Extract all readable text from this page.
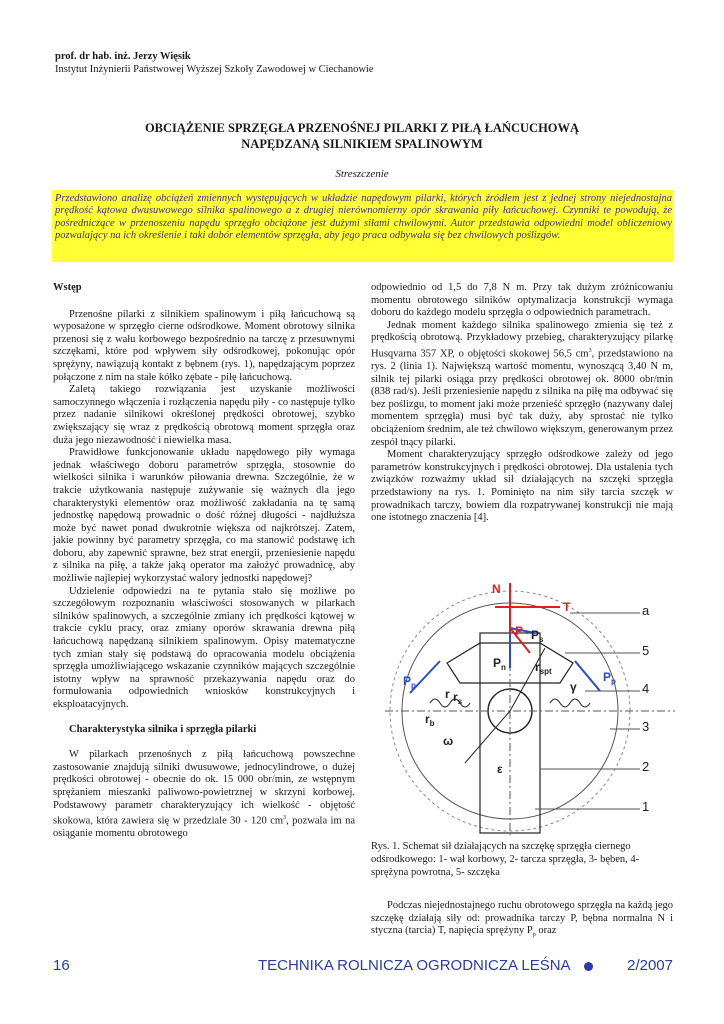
prof. dr hab. inż. Jerzy Więsik
Instytut Inżynierii Państwowej Wyższej Szkoły Zawodowej w Ciechanowie
OBCIĄŻENIE SPRZĘGŁA PRZENOŚNEJ PILARKI Z PIŁĄ ŁAŃCUCHOWĄ
NAPĘDZANĄ SILNIKIEM SPALINOWYM
Streszczenie
Przedstawiono analizę obciążeń zmiennych występujących w układzie napędowym pilarki, których źródłem jest z jednej strony niejednostajna prędkość kątowa dwusuwowego silnika spalinowego a z drugiej nierównomierny opór skrawania piły łańcuchowej. Czynniki te powodują, że pośredniczące w przenoszeniu napędu sprzęgło obciążone jest dużymi siłami chwilowymi. Autor przedstawia odpowiedni model obliczeniowy pozwalający na ich określenie i taki dobór elementów sprzęgła, aby jego praca odbywała się bez chwilowych poślizgów.
Wstęp

Przenośne pilarki z silnikiem spalinowym i piłą łańcuchową są wyposażone w sprzęgło cierne odśrodkowe. Moment obrotowy silnika przenosi się z wału korbowego bezpośrednio na tarczę z przesuwnymi szczękami, które pod wpływem siły odśrodkowej, pokonując opór sprężyny, nawiązują kontakt z bębnem (rys. 1), napędzającym poprzez połączone z nim na stałe kółko zębate - piłę łańcuchową.

Zaletą takiego rozwiązania jest uzyskanie możliwości samoczynnego włączenia i rozłączenia napędu piły - co następuje tylko przez nadanie silnikowi określonej prędkości obrotowej, szybko zwiększający się wraz z prędkością obrotową moment sprzęgła oraz duża jego niezawodność i niewielka masa.

Prawidłowe funkcjonowanie układu napędowego piły wymaga jednak właściwego doboru parametrów sprzęgła, stosownie do wielkości silnika i warunków piłowania drewna. Szczególnie, że w trakcie użytkowania następuje zużywanie się ważnych dla jego charakterystyki elementów oraz możliwość zakładania na tę samą jednostkę napędową prowadnic o dość różnej długości - najdłuższa może być nawet ponad dwukrotnie większa od najkrótszej. Zatem, jakie powinny być parametry sprzęgła, co ma stanowić podstawę ich doboru, aby zapewnić sprawne, bez strat energii, przeniesienie napędu z silnika na piłę, a także jaką operator ma założyć prowadnicę, aby możliwie najlepiej wykorzystać walory jednostki napędowej?

Udzielenie odpowiedzi na te pytania stało się możliwe po szczegółowym rozpoznaniu właściwości stosowanych w pilarkach silników spalinowych, a szczególnie zmiany ich prędkości kątowej w trakcie cyklu pracy, oraz zmiany oporów skrawania drewna piłą łańcuchową napędzaną silnikiem spalinowym. Opisy matematyczne tych zmian stały się podstawą do opracowania modelu obciążenia sprzęgła umożliwiającego wskazanie czynników mających szczególnie istotny wpływ na sprawność przekazywania napędu oraz do formułowania odpowiednich wniosków konstrukcyjnych i eksploatacyjnych.

Charakterystyka silnika i sprzęgła pilarki

W pilarkach przenośnych z piłą łańcuchową powszechne zastosowanie znajdują silniki dwusuwowe, jednocylindrowe, o dużej prędkości obrotowej - obecnie do ok. 15 000 obr/min, ze wstępnym sprężaniem mieszanki paliwowo-powietrznej w skrzyni korbowej. Podstawowy parametr charakteryzujący ich wielkość - objętość skokowa, która zawiera się w przedziale 30 - 120 $cm^3$, pozwala im na osiąganie momentu obrotowego

odpowiednio od 1,5 do 7,8 N m. Przy tak dużym zróżnicowaniu momentu obrotowego silników optymalizacja konstrukcji wymaga doboru do każdego modelu sprzęgła o odpowiednich parametrach.

Jednak moment każdego silnika spalinowego zmienia się też z prędkością obrotową. Przykładowy przebieg, charakteryzujący pilarkę Husqvarna 357 XP, o objętości skokowej 56,5 $cm^3$, przedstawiono na rys. 2 (linia 1). Największą wartość momentu, wynoszącą 3,40 N m, silnik tej pilarki osiąga przy prędkości obrotowej ok. 8000 obr/min (838 rad/s). Jeśli przeniesienie napędu z silnika na piłę ma odbywać się bez poślizgu, to moment jaki może przenieść sprzęgło (nazywany dalej momentem sprzęgła) musi być tak duży, aby sprostać nie tylko obciążeniom średnim, ale też chwilowo większym, generowanym przez zespół tnący pilarki.

Moment charakteryzujący sprzęgło odśrodkowe zależy od jego parametrów konstrukcyjnych i prędkości obrotowej. Dla ustalenia tych związków rozważmy układ sił działających na szczęki sprzęgła przedstawiony na rys. 1. Pominięto na nim siły tarcia szczęk w prowadnikach tarczy, bowiem dla rozpatrywanej konstrukcji nie mają one istotnego znaczenia [4].

N
T
P $P_s$
$P_n$ $r_{spt}$
$P_p$
$P_p$
r $r_s$
$r_b$
ω
ε
γ
a
5
4
3
2
1
Rys. 1. Schemat sił działających na szczękę sprzęgła ciernego odśrodkowego: 1- wał korbowy, 2- tarcza sprzęgła, 3- bęben, 4- sprężyna powrotna, 5- szczęka

Podczas niejednostajnego ruchu obrotowego sprzęgła na każdą jego szczękę działają siły od: prowadnika tarczy P, bębna normalna N i styczna (tarcia) T, napięcia sprężyny $P_p$ oraz

16	TECHNIKA ROLNICZA OGRODNICZA LEŚNA	2/2007
